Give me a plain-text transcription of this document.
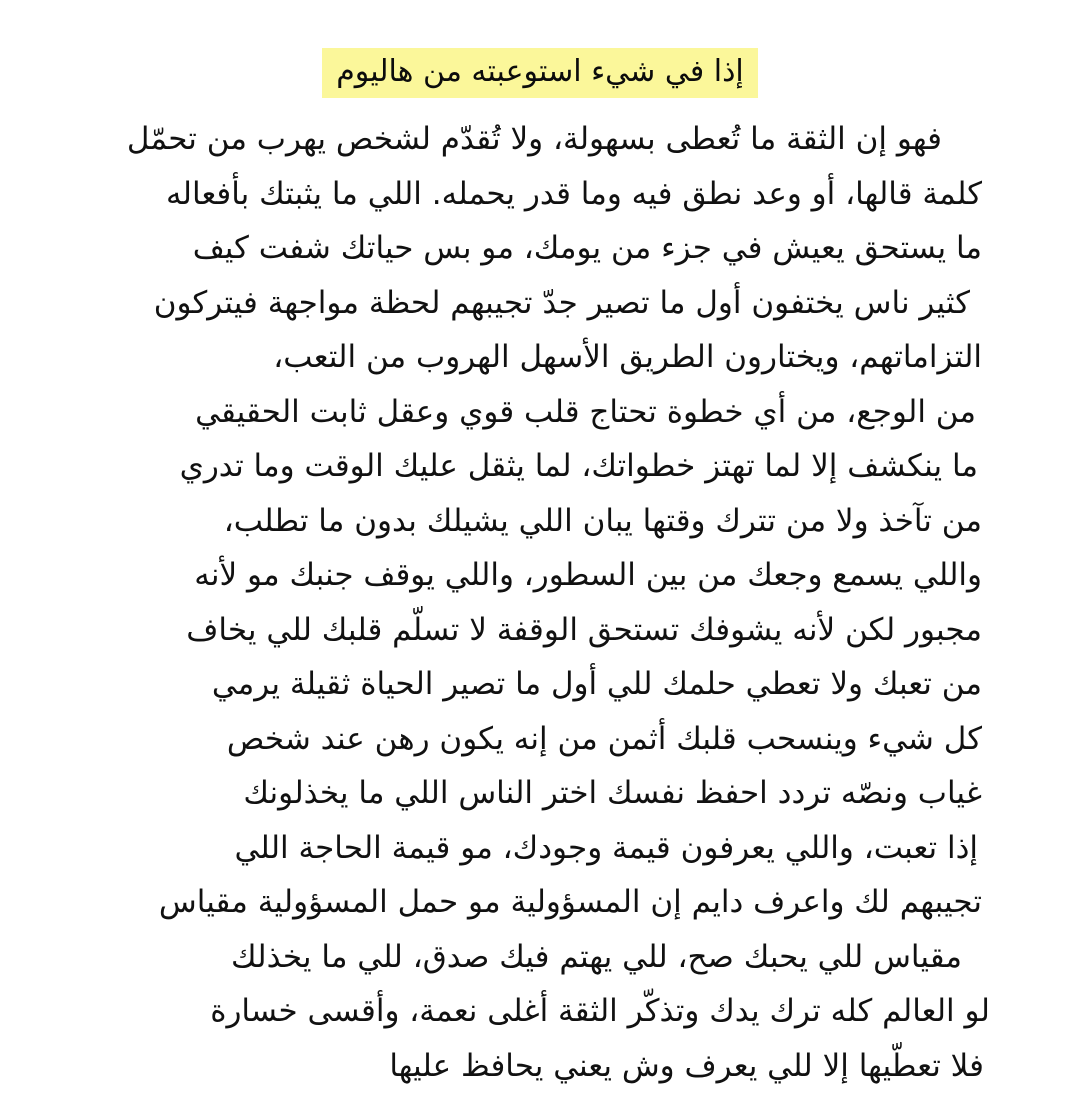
إذا في شيء استوعبته من هاليوم
فهو إن الثقة ما تُعطى بسهولة، ولا تُقدّم لشخص يهرب من تحمّل
كلمة قالها، أو وعد نطق فيه وما قدر يحمله. اللي ما يثبتك بأفعاله
ما يستحق يعيش في جزء من يومك، مو بس حياتك شفت كيف
كثير ناس يختفون أول ما تصير جدّ تجيبهم لحظة مواجهة فيتركون
التزاماتهم، ويختارون الطريق الأسهل الهروب من التعب،
من الوجع، من أي خطوة تحتاج قلب قوي وعقل ثابت الحقيقي
ما ينكشف إلا لما تهتز خطواتك، لما يثقل عليك الوقت وما تدري
من تآخذ ولا من تترك وقتها يبان اللي يشيلك بدون ما تطلب،
واللي يسمع وجعك من بين السطور، واللي يوقف جنبك مو لأنه
مجبور لكن لأنه يشوفك تستحق الوقفة لا تسلّم قلبك للي يخاف
من تعبك ولا تعطي حلمك للي أول ما تصير الحياة ثقيلة يرمي
كل شيء وينسحب قلبك أثمن من إنه يكون رهن عند شخص
غياب ونصّه تردد احفظ نفسك اختر الناس اللي ما يخذلونك
إذا تعبت، واللي يعرفون قيمة وجودك، مو قيمة الحاجة اللي
تجيبهم لك واعرف دايم إن المسؤولية مو حمل المسؤولية مقياس
مقياس للي يحبك صح، للي يهتم فيك صدق، للي ما يخذلك
لو العالم كله ترك يدك وتذكّر الثقة أغلى نعمة، وأقسى خسارة
فلا تعطّيها إلا للي يعرف وش يعني يحافظ عليها
